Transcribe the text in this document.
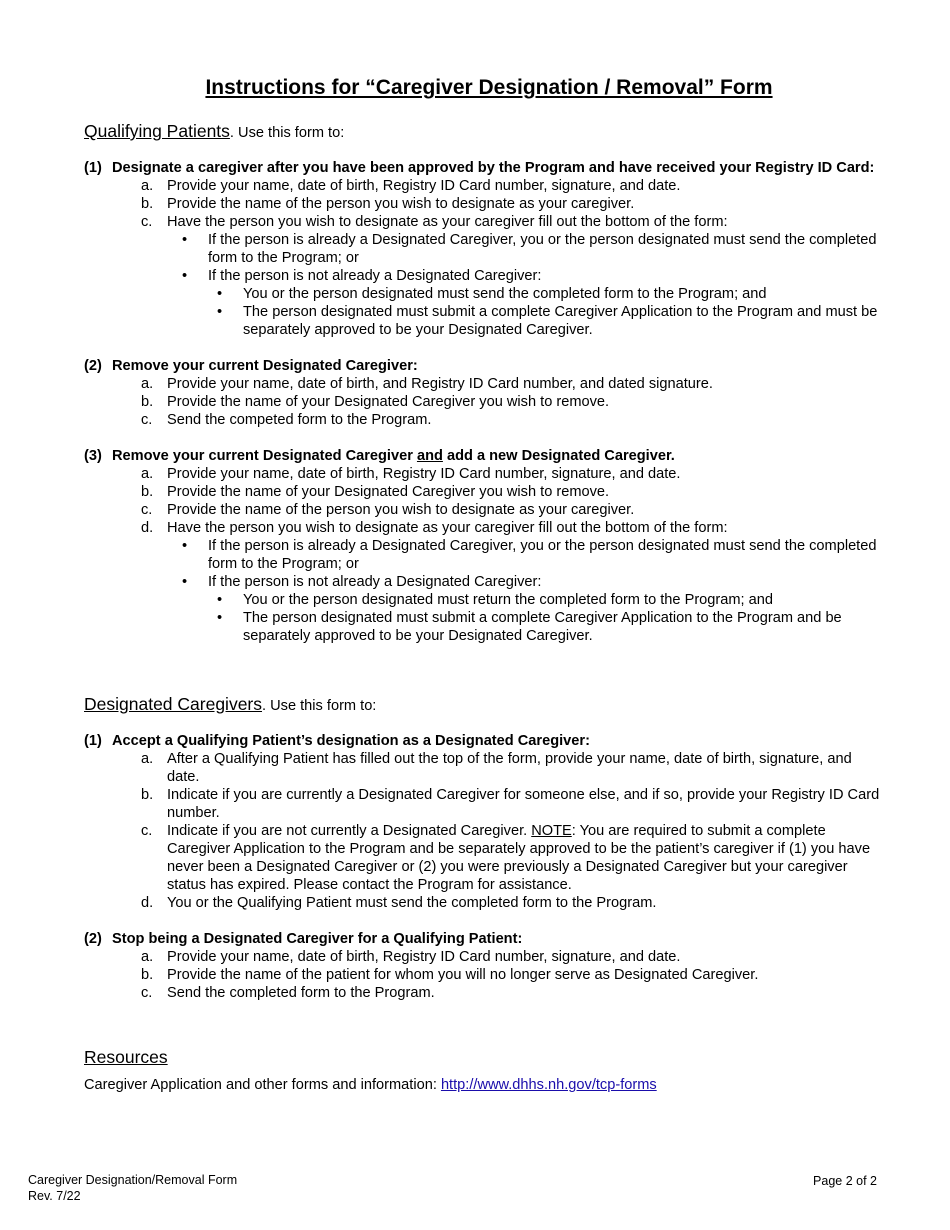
Instructions for “Caregiver Designation / Removal” Form
Qualifying Patients. Use this form to:
(1) Designate a caregiver after you have been approved by the Program and have received your Registry ID Card:
a. Provide your name, date of birth, Registry ID Card number, signature, and date.
b. Provide the name of the person you wish to designate as your caregiver.
c.	Have the person you wish to designate as your caregiver fill out the bottom of the form:
•	If the person is already a Designated Caregiver, you or the person designated must send the completed form to the Program; or
•	If the person is not already a Designated Caregiver:
•	You or the person designated must send the completed form to the Program; and
•	The person designated must submit a complete Caregiver Application to the Program and must be separately approved to be your Designated Caregiver.
(2) Remove your current Designated Caregiver:
a. Provide your name, date of birth, and Registry ID Card number, and dated signature.
b. Provide the name of your Designated Caregiver you wish to remove.
c.	Send the competed form to the Program.
(3) Remove your current Designated Caregiver and add a new Designated Caregiver.
a. Provide your name, date of birth, Registry ID Card number, signature, and date.
b. Provide the name of your Designated Caregiver you wish to remove.
c.	Provide the name of the person you wish to designate as your caregiver.
d. Have the person you wish to designate as your caregiver fill out the bottom of the form:
•	If the person is already a Designated Caregiver, you or the person designated must send the completed form to the Program; or
•	If the person is not already a Designated Caregiver:
•	You or the person designated must return the completed form to the Program; and
•	The person designated must submit a complete Caregiver Application to the Program and be separately approved to be your Designated Caregiver.
Designated Caregivers. Use this form to:
(1) Accept a Qualifying Patient’s designation as a Designated Caregiver:
a. After a Qualifying Patient has filled out the top of the form, provide your name, date of birth, signature, and date.
b. Indicate if you are currently a Designated Caregiver for someone else, and if so, provide your Registry ID Card number.
c.	Indicate if you are not currently a Designated Caregiver. NOTE: You are required to submit a complete Caregiver Application to the Program and be separately approved to be the patient’s caregiver if (1) you have never been a Designated Caregiver or (2) you were previously a Designated Caregiver but your caregiver status has expired. Please contact the Program for assistance.
d. You or the Qualifying Patient must send the completed form to the Program.
(2) Stop being a Designated Caregiver for a Qualifying Patient:
a. Provide your name, date of birth, Registry ID Card number, signature, and date.
b. Provide the name of the patient for whom you will no longer serve as Designated Caregiver.
c.	Send the completed form to the Program.
Resources
Caregiver Application and other forms and information: http://www.dhhs.nh.gov/tcp-forms
Caregiver Designation/Removal Form
Rev. 7/22
Page 2 of 2
